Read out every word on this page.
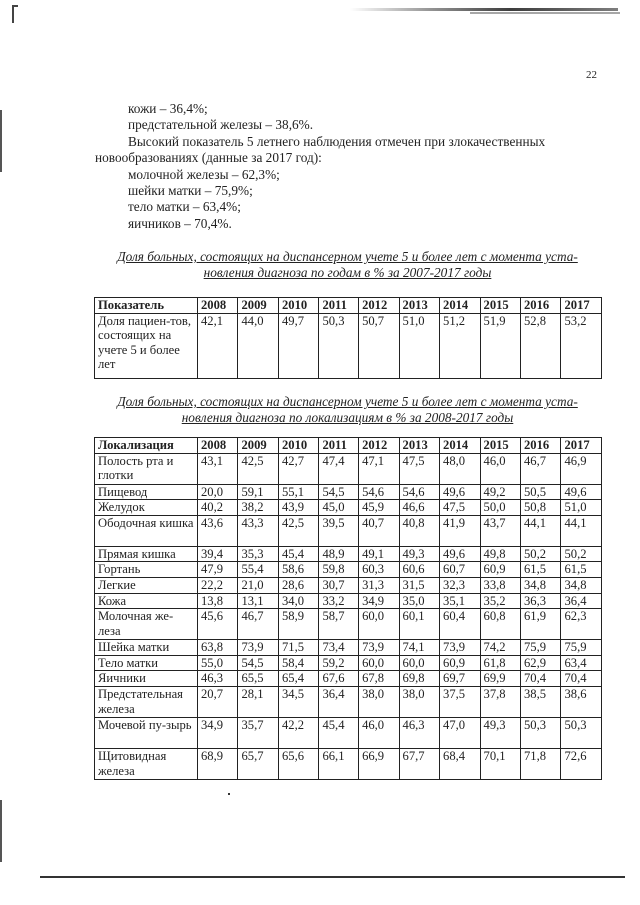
22

кожи – 36,4%;

предстательной железы – 38,6%.

Высокий показатель 5 летнего наблюдения отмечен при злокачественных

новообразованиях (данные за 2017 год):

молочной железы – 62,3%;

шейки матки – 75,9%;

тело матки – 63,4%;

яичников – 70,4%.

Доля больных, состоящих на диспансерном учете 5 и более лет с момента уста-
новления диагноза по годам в % за 2007-2017 годы
Показатель	2008	2009	2010	2011	2012	2013	2014	2015	2016	2017
Доля пациен-тов, состоящих на учете 5 и более лет	42,1	44,0	49,7	50,3	50,7	51,0	51,2	51,9	52,8	53,2
Доля больных, состоящих на диспансерном учете 5 и более лет с момента уста-
новления диагноза по локализациям в % за 2008-2017 годы
Локализация	2008	2009	2010	2011	2012	2013	2014	2015	2016	2017
Полость рта и глотки	43,1	42,5	42,7	47,4	47,1	47,5	48,0	46,0	46,7	46,9
Пищевод	20,0	59,1	55,1	54,5	54,6	54,6	49,6	49,2	50,5	49,6
Желудок	40,2	38,2	43,9	45,0	45,9	46,6	47,5	50,0	50,8	51,0
Ободочная кишка	43,6	43,3	42,5	39,5	40,7	40,8	41,9	43,7	44,1	44,1
Прямая кишка	39,4	35,3	45,4	48,9	49,1	49,3	49,6	49,8	50,2	50,2
Гортань	47,9	55,4	58,6	59,8	60,3	60,6	60,7	60,9	61,5	61,5
Легкие	22,2	21,0	28,6	30,7	31,3	31,5	32,3	33,8	34,8	34,8
Кожа	13,8	13,1	34,0	33,2	34,9	35,0	35,1	35,2	36,3	36,4
Молочная же-леза	45,6	46,7	58,9	58,7	60,0	60,1	60,4	60,8	61,9	62,3
Шейка матки	63,8	73,9	71,5	73,4	73,9	74,1	73,9	74,2	75,9	75,9
Тело матки	55,0	54,5	58,4	59,2	60,0	60,0	60,9	61,8	62,9	63,4
Яичники	46,3	65,5	65,4	67,6	67,8	69,8	69,7	69,9	70,4	70,4
Предстательная железа	20,7	28,1	34,5	36,4	38,0	38,0	37,5	37,8	38,5	38,6
Мочевой пу-зырь	34,9	35,7	42,2	45,4	46,0	46,3	47,0	49,3	50,3	50,3
Щитовидная железа	68,9	65,7	65,6	66,1	66,9	67,7	68,4	70,1	71,8	72,6
